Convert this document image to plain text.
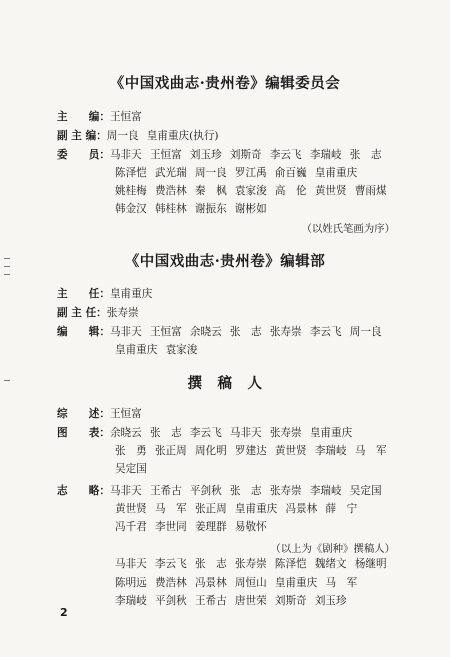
《中国戏曲志·贵州卷》编辑委员会
主　　编： 王恒富
副 主 编： 周一良 皇甫重庆(执行)
委　　员： 马非天 王恒富 刘玉珍 刘斯奇 李云飞 李瑞岐 张　志
陈泽恺 武光瑞 周一良 罗江禹 俞百巍 皇甫重庆
姚桂梅 费浩林 秦　枫 袁家浚 高　伦 黄世贤 曹雨煤
韩金汉 韩桂林 谢振东 谢彬如
（以姓氏笔画为序）
《中国戏曲志·贵州卷》编辑部
主　　任： 皇甫重庆
副 主 任： 张寿崇
编　　辑： 马非天 王恒富 余晓云 张　志 张寿崇 李云飞 周一良
皇甫重庆 袁家浚
撰　稿　人
综　　述： 王恒富
图　　表： 余晓云 张　志 李云飞 马非天 张寿崇 皇甫重庆
张　勇 张正周 周化明 罗建达 黄世贤 李瑞岐 马　军
吴定国
志　　略： 马非天 王希古 平剑秋 张　志 张寿崇 李瑞岐 吴定国
黄世贤 马　军 张正周 皇甫重庆 冯景林 薛　宁
冯千君 李世同 姜理群 易敬怀
（以上为《剧种》撰稿人）
马非天 李云飞 张　志 张寿崇 陈泽恺 魏绪文 杨继明
陈明远 费浩林 冯景林 周恒山 皇甫重庆 马　军
李瑞岐 平剑秋 王希古 唐世荣 刘斯奇 刘玉珍
2
